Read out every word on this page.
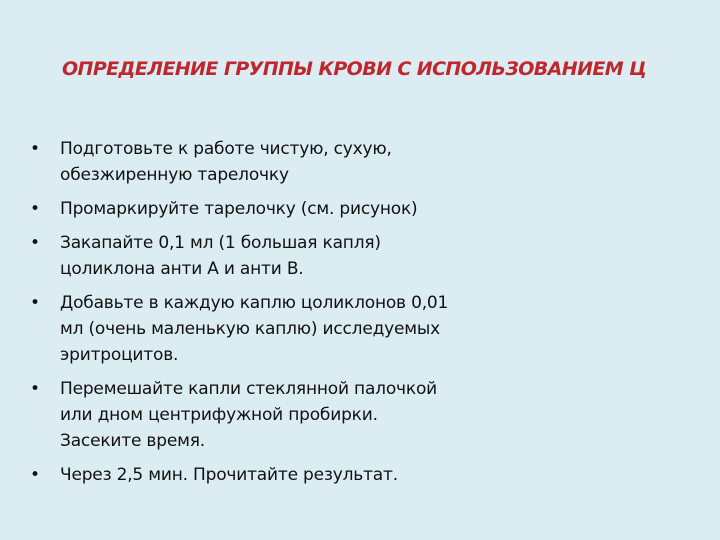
ОПРЕДЕЛЕНИЕ ГРУППЫ КРОВИ С ИСПОЛЬЗОВАНИЕМ Ц
• Подготовьте к работе чистую, сухую,
обезжиренную тарелочку
• Промаркируйте тарелочку (см. рисунок)
• Закапайте 0,1 мл (1 большая капля)
цоликлона анти А и анти В.
• Добавьте в каждую каплю цоликлонов 0,01
мл (очень маленькую каплю) исследуемых
эритроцитов.
• Перемешайте капли стеклянной палочкой
или дном центрифужной пробирки.
Засеките время.
• Через 2,5 мин. Прочитайте результат.
